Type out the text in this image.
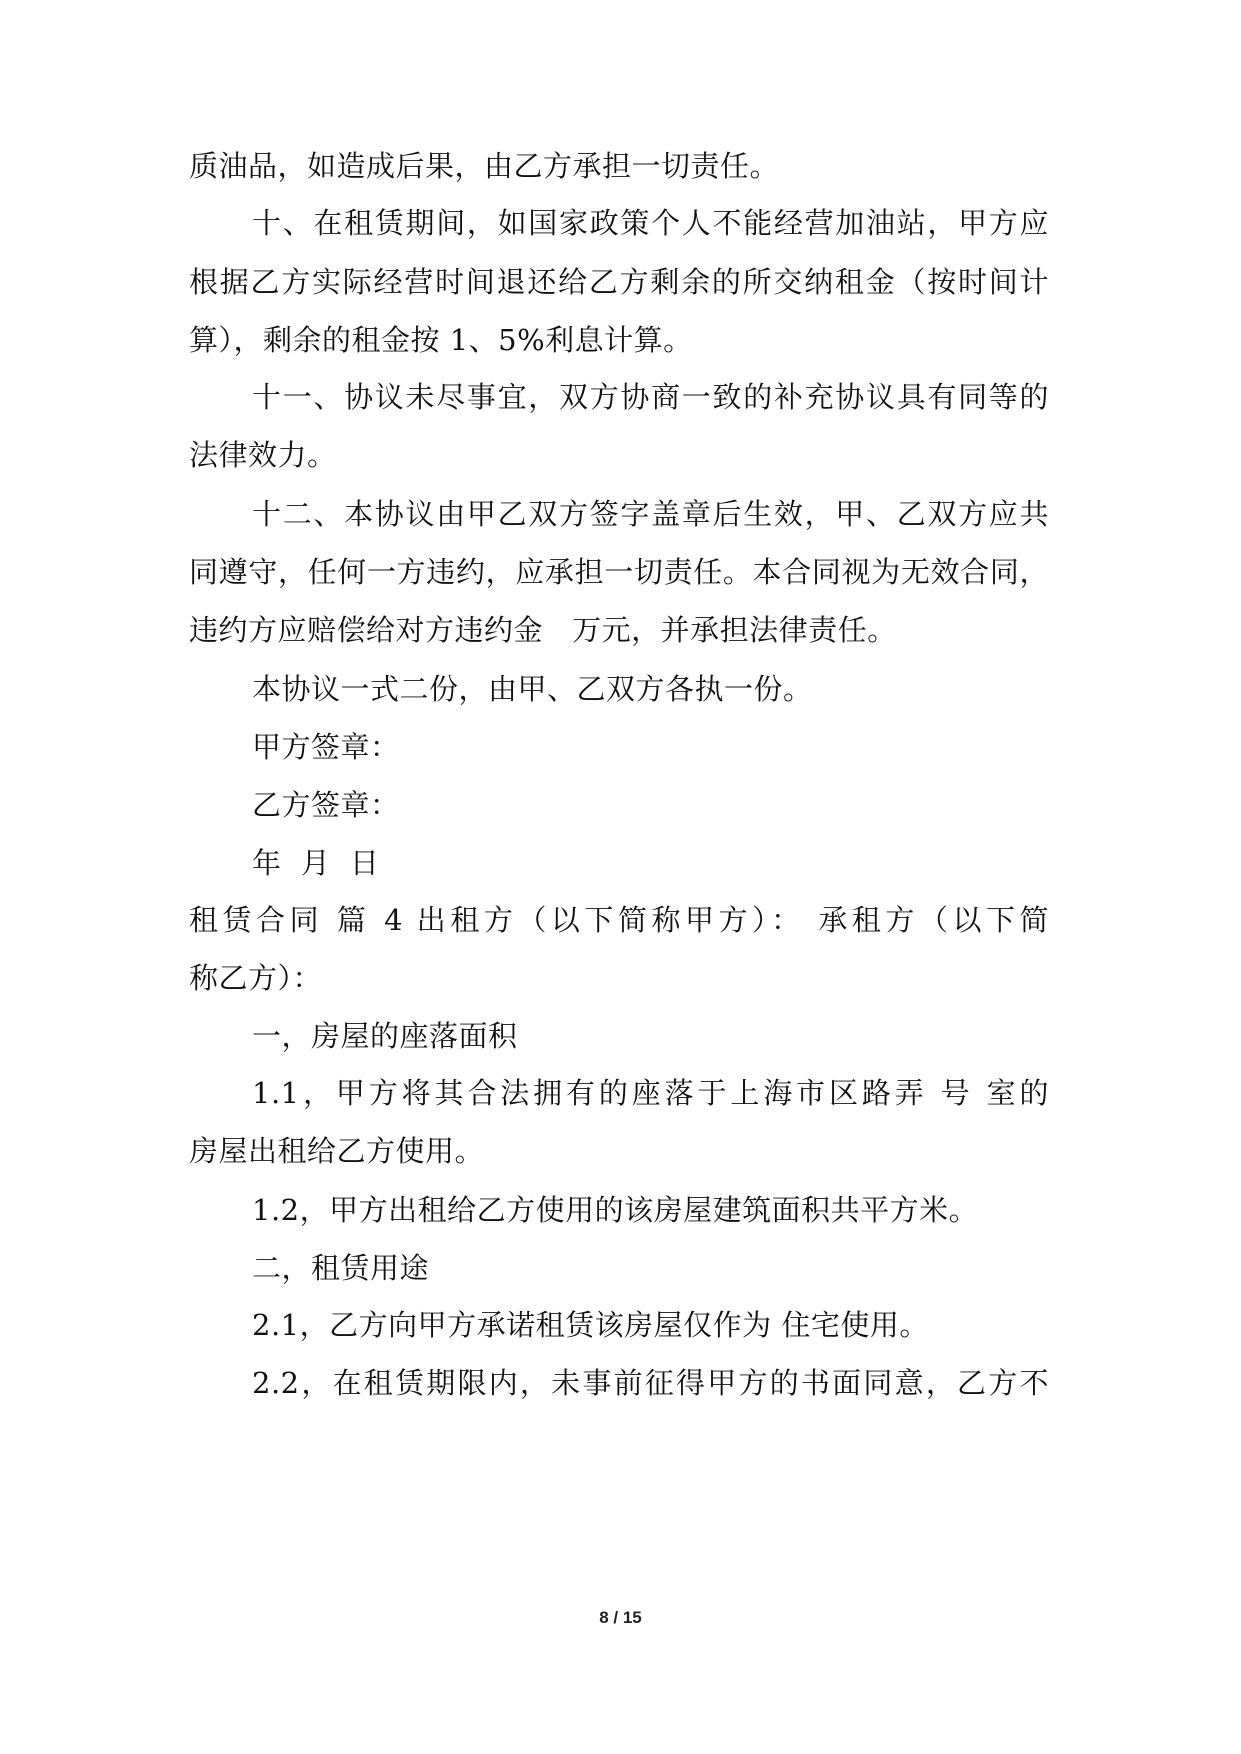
质油品，如造成后果，由乙方承担一切责任。
十、在租赁期间，如国家政策个人不能经营加油站，甲方应
根据乙方实际经营时间退还给乙方剩余的所交纳租金（按时间计
算），剩余的租金按 1、5%利息计算。
十一、协议未尽事宜，双方协商一致的补充协议具有同等的
法律效力。
十二、本协议由甲乙双方签字盖章后生效，甲、乙双方应共
同遵守，任何一方违约，应承担一切责任。本合同视为无效合同，
违约方应赔偿给对方违约金   万元，并承担法律责任。
本协议一式二份，由甲、乙双方各执一份。
甲方签章：
乙方签章：
年  月  日
租赁合同 篇 4 出租方（以下简称甲方）： 承租方（以下简
称乙方）：
一，房屋的座落面积
1.1，甲方将其合法拥有的座落于上海市区路弄 号 室的
房屋出租给乙方使用。
1.2，甲方出租给乙方使用的该房屋建筑面积共平方米。
二，租赁用途
2.1，乙方向甲方承诺租赁该房屋仅作为 住宅使用。
2.2，在租赁期限内，未事前征得甲方的书面同意，乙方不
8 / 15
